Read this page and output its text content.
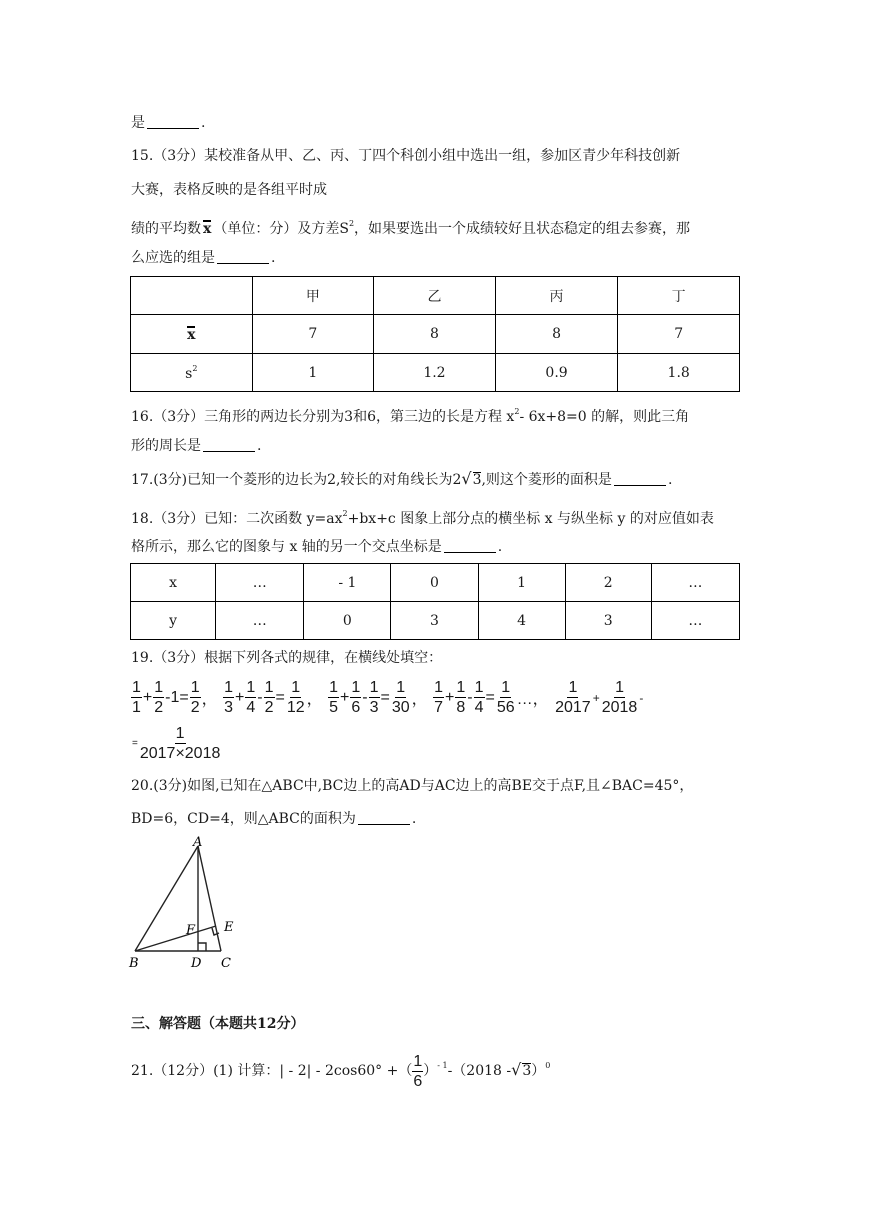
是	.
15.（3分）某校准备从甲、乙、丙、丁四个科创小组中选出一组，参加区青少年科技创新
大赛，表格反映的是各组平时成
绩的平均数 x （单位：分）及方差$S^2$，如果要选出一个成绩较好且状态稳定的组去参赛，那
么应选的组是	.
	甲	乙	丙	丁
x	7	8	8	7
$s^2$	1	1.2	0.9	1.8
16.（3分）三角形的两边长分别为3和6，第三边的长是方程 $x^2-$ 6x+8=0 的解，则此三角
形的周长是	.
17.(3分)已知一个菱形的边长为2,较长的对角线长为2√3,则这个菱形的面积是	.
18.（3分）已知：二次函数 $y=ax^2+bx+c$ 图象上部分点的横坐标 x 与纵坐标 y 的对应值如表
格所示，那么它的图象与 x 轴的另一个交点坐标是	.
x	…	- 1	0	1	2	…
y	…	0	3	4	3	…
19.（3分）根据下列各式的规律，在横线处填空：
$\frac{1}{1} + \frac{1}{2} -1= \frac{1}{2}$ ， $\frac{1}{3} + \frac{1}{4} - \frac{1}{2} = \frac{1}{12}$ ， $\frac{1}{5} + \frac{1}{6} - \frac{1}{3} = \frac{1}{30}$ ， $\frac{1}{7} + \frac{1}{8} - \frac{1}{4} = \frac{1}{56}$ …， $\frac{1}{2017} + \frac{1}{2018}$ -
= $\frac{1}{2017\times 2018}$
20.(3分)如图,已知在△ABC中,BC边上的高AD与AC边上的高BE交于点F,且∠BAC=45°，
BD=6，CD=4，则△ABC的面积为	.
A
B	C
D
E
F
三、解答题（本题共12分）
21.（12分）(1) 计算：| - 2| - 2cos60° +（ $\frac{1}{6} )^{- 1}-(2018$ -√3）$^0$
